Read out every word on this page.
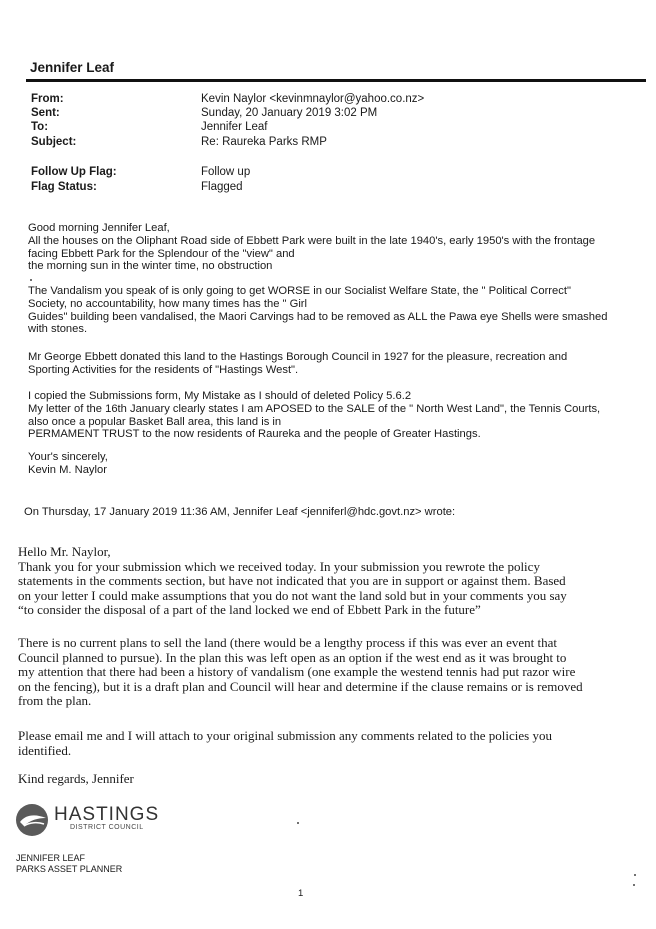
Jennifer Leaf
From:	Kevin Naylor <kevinmnaylor@yahoo.co.nz>
Sent:	Sunday, 20 January 2019 3:02 PM
To:	Jennifer Leaf
Subject:	Re: Raureka Parks RMP
Follow Up Flag:	Follow up
Flag Status:	Flagged

Good morning Jennifer Leaf,

All the houses on the Oliphant Road side of Ebbett Park were built in the late 1940's, early 1950's with the frontage

facing Ebbett Park for the Splendour of the "view" and

the morning sun in the winter time, no obstruction

The Vandalism you speak of is only going to get WORSE in our Socialist Welfare State, the " Political Correct"

Society, no accountability, how many times has the " Girl

Guides" building been vandalised, the Maori Carvings had to be removed as ALL the Pawa eye Shells were smashed

with stones.

Mr George Ebbett donated this land to the Hastings Borough Council in 1927 for the pleasure, recreation and

Sporting Activities for the residents of "Hastings West".

I copied the Submissions form, My Mistake as I should of deleted Policy 5.6.2

My letter of the 16th January clearly states I am APOSED to the SALE of the " North West Land", the Tennis Courts,

also once a popular Basket Ball area, this land is in

PERMAMENT TRUST to the now residents of Raureka and the people of Greater Hastings.

Your's sincerely,

Kevin M. Naylor

On Thursday, 17 January 2019 11:36 AM, Jennifer Leaf <jenniferl@hdc.govt.nz> wrote:

Hello Mr. Naylor,

Thank you for your submission which we received today. In your submission you rewrote the policy

statements in the comments section, but have not indicated that you are in support or against them. Based

on your letter I could make assumptions that you do not want the land sold but in your comments you say

“to consider the disposal of a part of the land locked we end of Ebbett Park in the future”

There is no current plans to sell the land (there would be a lengthy process if this was ever an event that

Council planned to pursue). In the plan this was left open as an option if the west end as it was brought to

my attention that there had been a history of vandalism (one example the westend tennis had put razor wire

on the fencing), but it is a draft plan and Council will hear and determine if the clause remains or is removed

from the plan.

Please email me and I will attach to your original submission any comments related to the policies you

identified.

Kind regards, Jennifer
HASTINGS
DISTRICT COUNCIL
JENNIFER LEAF
PARKS ASSET PLANNER
1
